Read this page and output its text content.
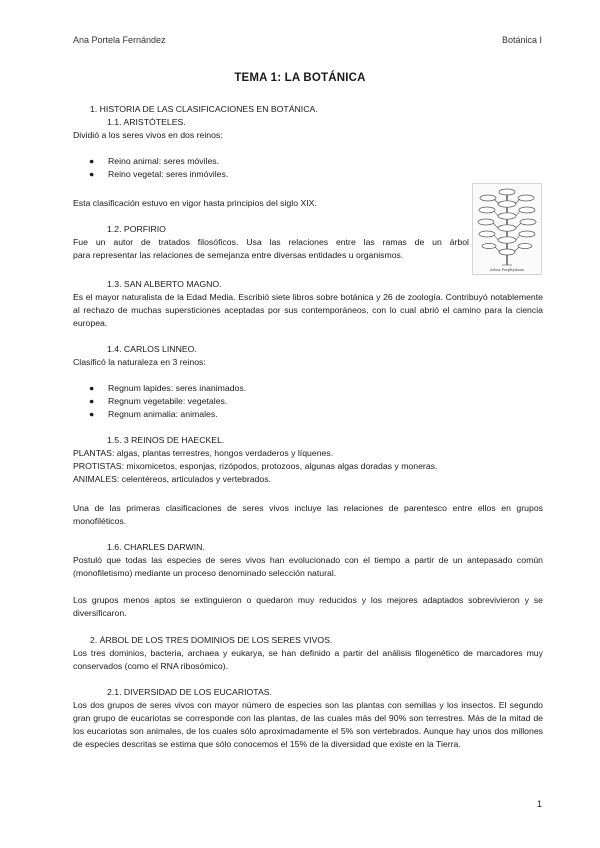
Ana Portela Fernández	Botánica I
TEMA 1: LA BOTÁNICA
1. HISTORIA DE LAS CLASIFICACIONES EN BOTÁNICA.
1.1. ARISTÓTELES.
Dividió a los seres vivos en dos reinos:
●	Reino animal: seres móviles.
●	Reino vegetal: seres inmóviles.
Esta clasificación estuvo en vigor hasta principios del siglo XIX.
1.2. PORFIRIO
Fue un autor de tratados filosóficos. Usa las relaciones entre las ramas de un árbol
para representar las relaciones de semejanza entre diversas entidades u organismos.
Arbor Porphyriana
1.3. SAN ALBERTO MAGNO.
Es el mayor naturalista de la Edad Media. Escribió siete libros sobre botánica y 26 de zoología. Contribuyó notablemente al rechazo de muchas supersticiones aceptadas por sus contemporáneos, con lo cual abrió el camino para la ciencia europea.
1.4. CARLOS LINNEO.
Clasificó la naturaleza en 3 reinos:
●	Regnum lapides: seres inanimados.
●	Regnum vegetabile: vegetales.
●	Regnum animalia: animales.
1.5. 3 REINOS DE HAECKEL.
PLANTAS: algas, plantas terrestres, hongos verdaderos y líquenes.
PROTISTAS: mixomicetos, esponjas, rizópodos, protozoos, algunas algas doradas y moneras.
ANIMALES: celentéreos, articulados y vertebrados.
Una de las primeras clasificaciones de seres vivos incluye las relaciones de parentesco entre ellos en grupos monofiléticos.
1.6. CHARLES DARWIN.
Postuló que todas las especies de seres vivos han evolucionado con el tiempo a partir de un antepasado común (monofiletismo) mediante un proceso denominado selección natural.
Los grupos menos aptos se extinguieron o quedaron muy reducidos y los mejores adaptados sobrevivieron y se diversificaron.
2. ÁRBOL DE LOS TRES DOMINIOS DE LOS SERES VIVOS.
Los tres dominios, bacteria, archaea y eukarya, se han definido a partir del análisis filogenético de marcadores muy conservados (como el RNA ribosómico).
2.1. DIVERSIDAD DE LOS EUCARIOTAS.
Los dos grupos de seres vivos con mayor número de especies son las plantas con semillas y los insectos. El segundo gran grupo de eucariotas se corresponde con las plantas, de las cuales más del 90% son terrestres. Más de la mitad de los eucariotas son animales, de los cuales sólo aproximadamente el 5% son vertebrados. Aunque hay unos dos millones de especies descritas se estima que sólo conocemos el 15% de la diversidad que existe en la Tierra.
1
